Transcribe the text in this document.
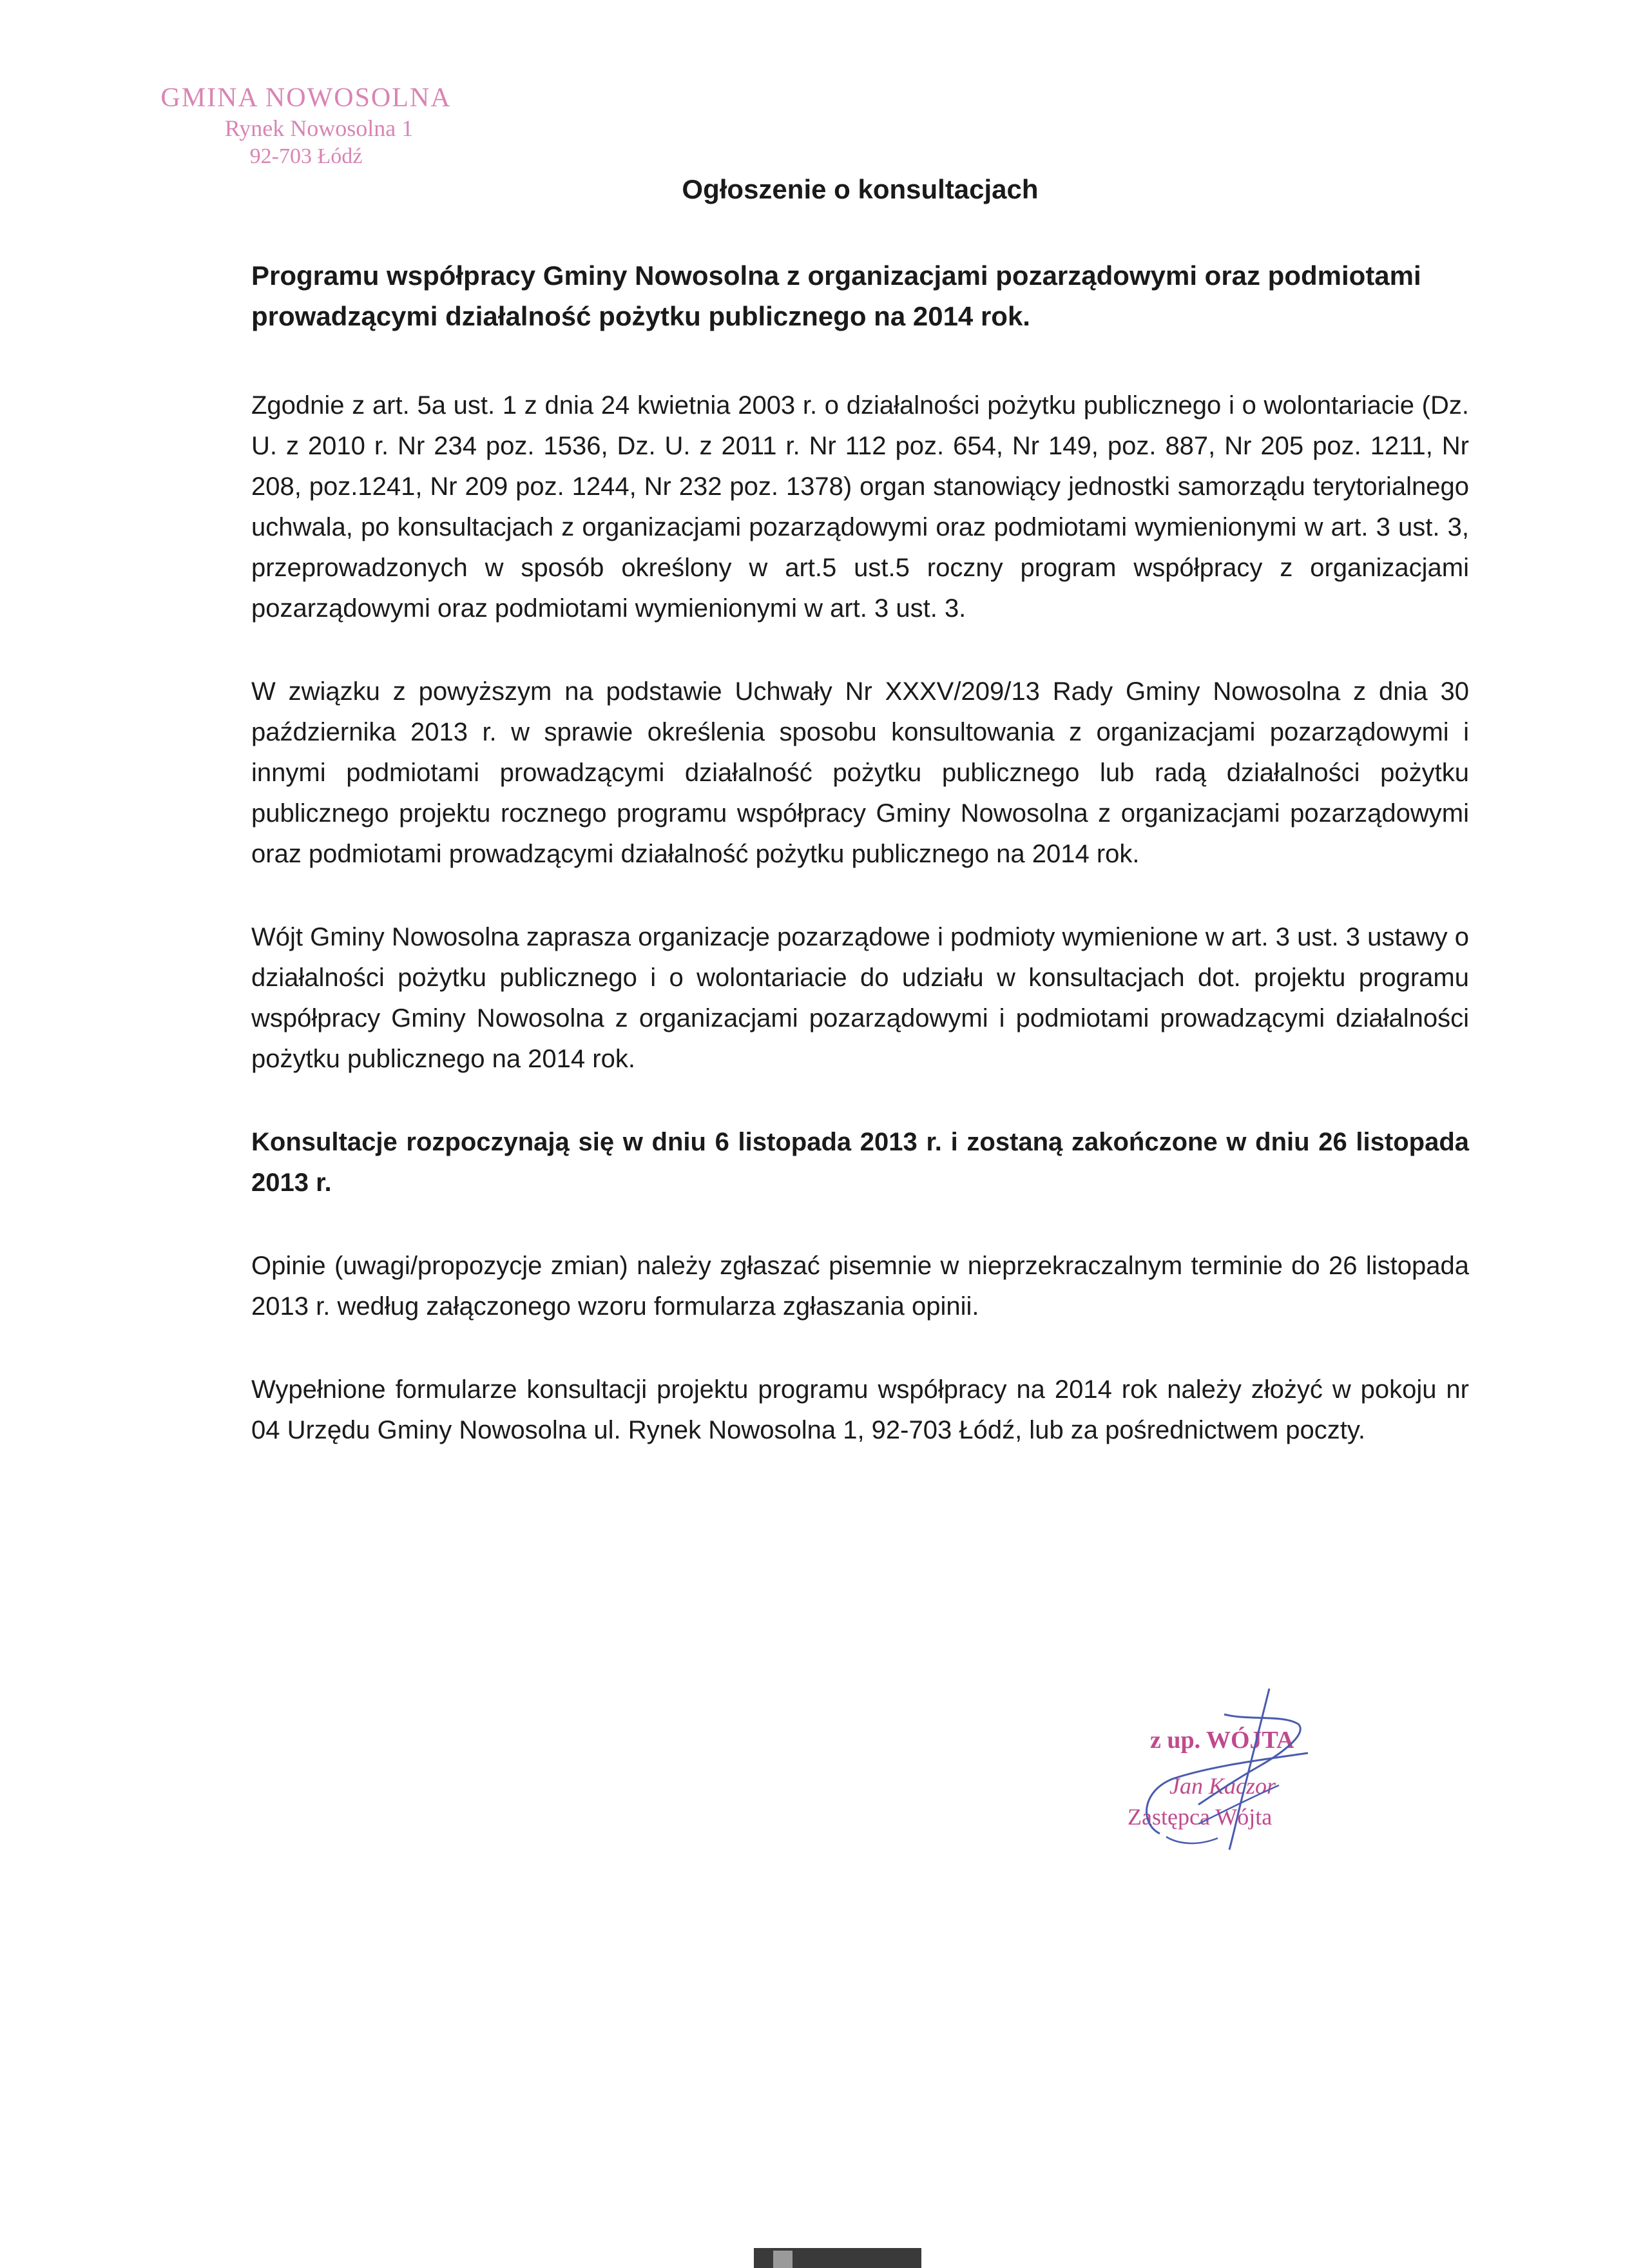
GMINA NOWOSOLNA
Rynek Nowosolna 1
92-703 Łódź
Ogłoszenie o konsultacjach
Programu współpracy Gminy Nowosolna z organizacjami pozarządowymi oraz podmiotami prowadzącymi działalność pożytku publicznego na 2014 rok.

Zgodnie z art. 5a ust. 1 z dnia 24 kwietnia 2003 r. o działalności pożytku publicznego i o wolontariacie (Dz. U. z 2010 r. Nr 234 poz. 1536, Dz. U. z 2011 r. Nr 112 poz. 654, Nr 149, poz. 887, Nr 205 poz. 1211, Nr 208, poz.1241, Nr 209 poz. 1244, Nr 232 poz. 1378) organ stanowiący jednostki samorządu terytorialnego uchwala, po konsultacjach z organizacjami pozarządowymi oraz podmiotami wymienionymi w art. 3 ust. 3, przeprowadzonych w sposób określony w art.5 ust.5 roczny program współpracy z organizacjami pozarządowymi oraz podmiotami wymienionymi w art. 3 ust. 3.

W związku z powyższym na podstawie Uchwały Nr XXXV/209/13 Rady Gminy Nowosolna z dnia 30 października 2013 r. w sprawie określenia sposobu konsultowania z organizacjami pozarządowymi i innymi podmiotami prowadzącymi działalność pożytku publicznego lub radą działalności pożytku publicznego projektu rocznego programu współpracy Gminy Nowosolna z organizacjami pozarządowymi oraz podmiotami prowadzącymi działalność pożytku publicznego na 2014 rok.

Wójt Gminy Nowosolna zaprasza organizacje pozarządowe i podmioty wymienione w art. 3 ust. 3 ustawy o działalności pożytku publicznego i o wolontariacie do udziału w konsultacjach dot. projektu programu współpracy Gminy Nowosolna z organizacjami pozarządowymi i podmiotami prowadzącymi działalności pożytku publicznego na 2014 rok.

Konsultacje rozpoczynają się w dniu 6 listopada 2013 r. i zostaną zakończone w dniu 26 listopada 2013 r.

Opinie (uwagi/propozycje zmian) należy zgłaszać pisemnie w nieprzekraczalnym terminie do 26 listopada 2013 r. według załączonego wzoru formularza zgłaszania opinii.

Wypełnione formularze konsultacji projektu programu współpracy na 2014 rok należy złożyć w pokoju nr 04 Urzędu Gminy Nowosolna ul. Rynek Nowosolna 1, 92-703 Łódź, lub za pośrednictwem poczty.

z up. WÓJTA
Jan Kaczor
Zastępca Wójta
